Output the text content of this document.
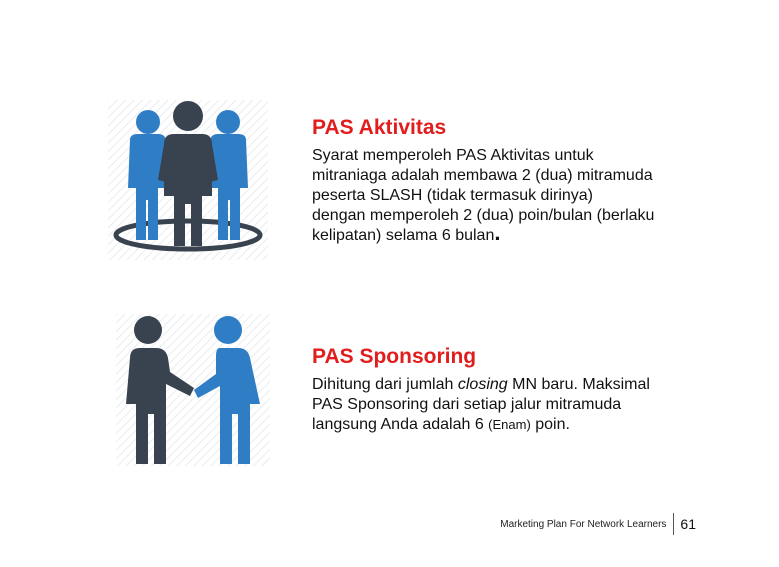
PAS Aktivitas
Syarat memperoleh PAS Aktivitas untuk
mitraniaga adalah membawa 2 (dua) mitramuda
peserta SLASH (tidak termasuk dirinya)
dengan memperoleh 2 (dua) poin/bulan (berlaku
kelipatan) selama 6 bulan.
PAS Sponsoring
Dihitung dari jumlah closing MN baru. Maksimal
PAS Sponsoring dari setiap jalur mitramuda
langsung Anda adalah 6 (Enam) poin.
Marketing Plan For Network Learners	61
